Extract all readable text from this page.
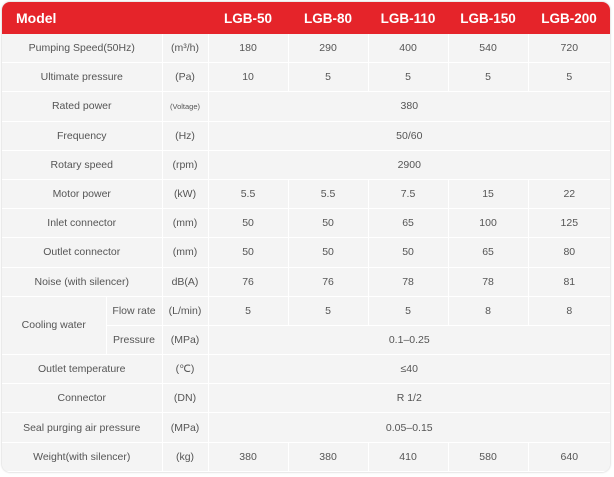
Model			LGB-50	LGB-80	LGB-110	LGB-150	LGB-200
Pumping Speed(50Hz)		(m³/h)	180	290	400	540	720
Ultimate pressure		(Pa)	10	5	5	5	5
Rated power		(Voltage)	380				
Frequency		(Hz)	50/60				
Rotary speed		(rpm)	2900				
Motor power		(kW)	5.5	5.5	7.5	15	22
Inlet connector		(mm)	50	50	65	100	125
Outlet connector		(mm)	50	50	50	65	80
Noise (with silencer)		dB(A)	76	76	78	78	81
Cooling water	Flow rate	(L/min)	5	5	5	8	8
	Pressure	(MPa)	0.1–0.25				
Outlet temperature		(℃)	≤40				
Connector		(DN)	R 1/2				
Seal purging air pressure		(MPa)	0.05–0.15				
Weight(with silencer)		(kg)	380	380	410	580	640
